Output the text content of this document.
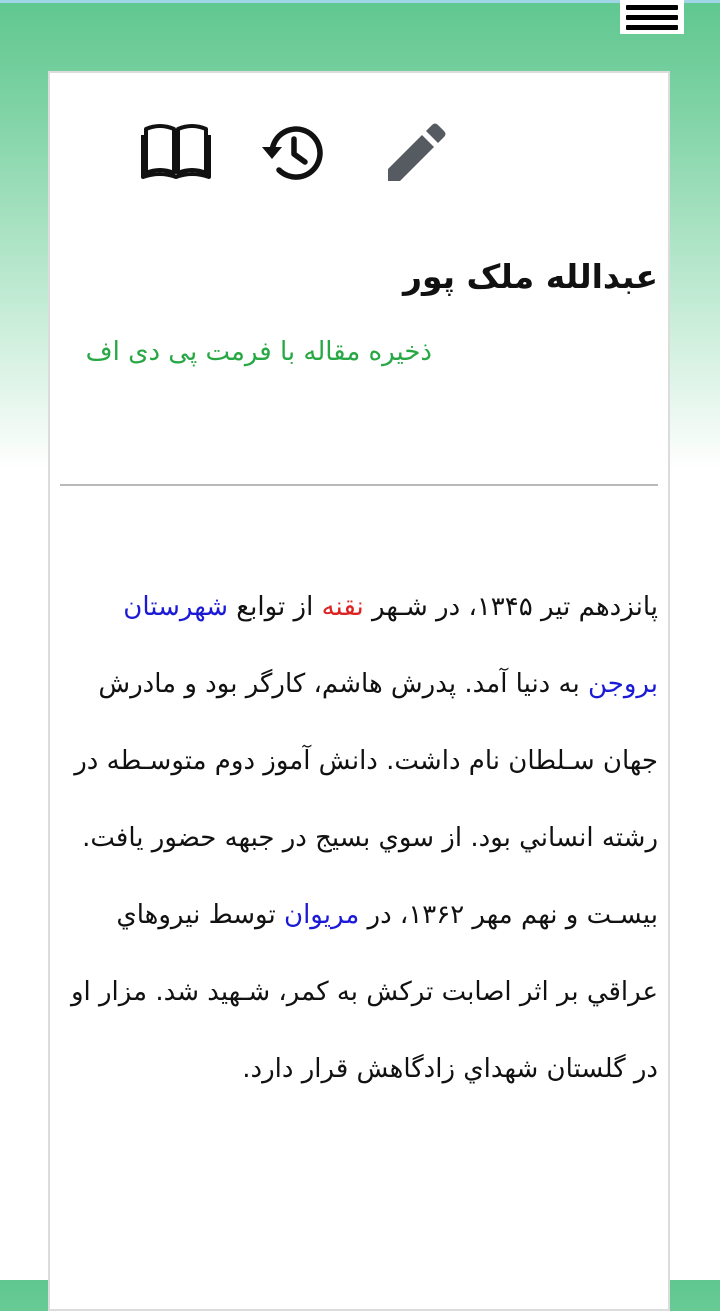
عبدالله ملک پور
ذخیره مقاله با فرمت پی دی اف

پانزدهم تیر ۱۳۴۵، در شـهر نقنه از توابع شهرستان بروجن به دنیا آمد. پدرش هاشم، کارگر بود و مادرش جهان سـلطان نام داشت. دانش آموز دوم متوسـطه در رشته انساني بود. از سوي بسیج در جبهه حضور یافت. بیسـت و نهم مهر ۱۳۶۲، در مریوان توسط نیروهاي عراقي بر اثر اصابت ترکش به کمر، شـهید شد. مزار او در گلستان شهداي زادگاهش قرار دارد.
